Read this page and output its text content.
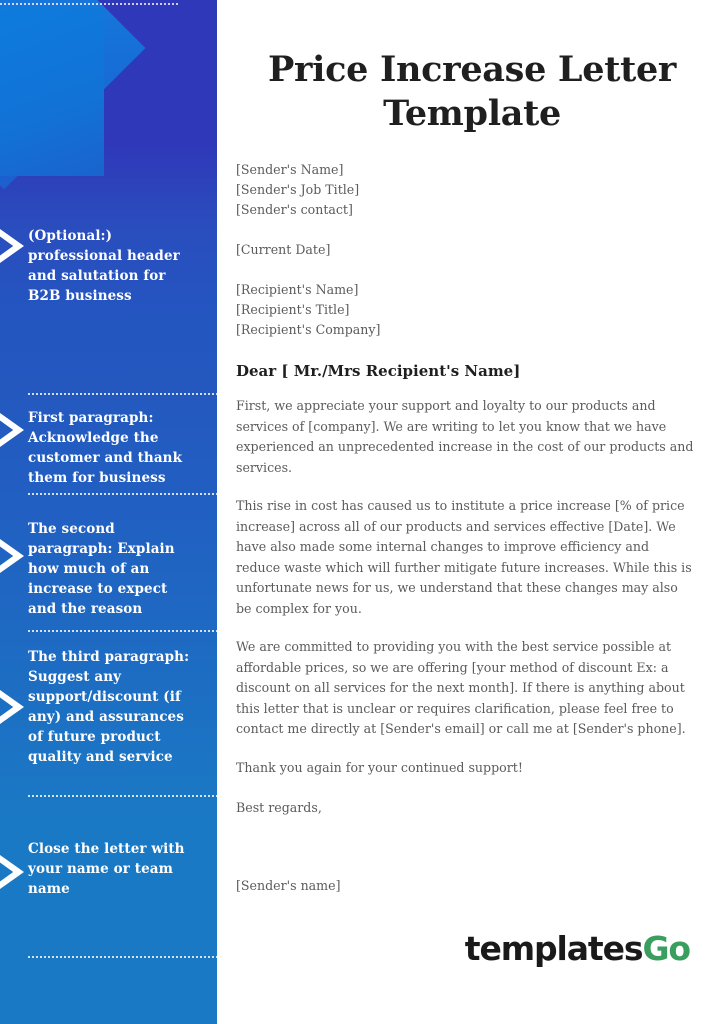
(Optional:) professional header and salutation for B2B business
First paragraph: Acknowledge the customer and thank them for business
The second paragraph: Explain how much of an increase to expect and the reason
The third paragraph: Suggest any support/discount (if any) and assurances of future product quality and service
Close the letter with your name or team name
Price Increase Letter Template
[Sender's Name]
[Sender's Job Title]
[Sender's contact]
[Current Date]
[Recipient's Name]
[Recipient's Title]
[Recipient's Company]
Dear [ Mr./Mrs Recipient's Name]
First, we appreciate your support and loyalty to our products and services of [company]. We are writing to let you know that we have experienced an unprecedented increase in the cost of our products and services.
This rise in cost has caused us to institute a price increase [% of price increase] across all of our products and services effective [Date]. We have also made some internal changes to improve efficiency and reduce waste which will further mitigate future increases. While this is unfortunate news for us, we understand that these changes may also be complex for you.
We are committed to providing you with the best service possible at affordable prices, so we are offering [your method of discount Ex: a discount on all services for the next month]. If there is anything about this letter that is unclear or requires clarification, please feel free to contact me directly at [Sender's email] or call me at [Sender's phone].
Thank you again for your continued support!
Best regards,
[Sender's name]
templatesGo
